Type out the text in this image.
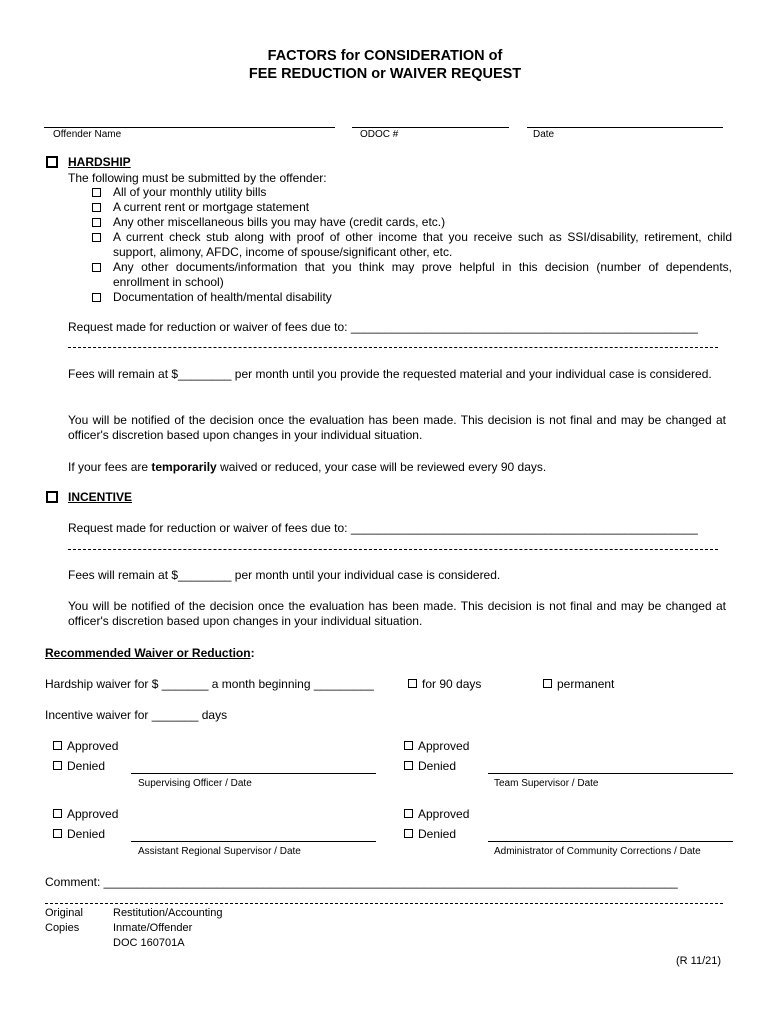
FACTORS for CONSIDERATION of
FEE REDUCTION or WAIVER REQUEST
Offender Name	ODOC #	Date
HARDSHIP
The following must be submitted by the offender:
All of your monthly utility bills
A current rent or mortgage statement
Any other miscellaneous bills you may have (credit cards, etc.)
A current check stub along with proof of other income that you receive such as SSI/disability, retirement, child support, alimony, AFDC, income of spouse/significant other, etc.
Any other documents/information that you think may prove helpful in this decision (number of dependents, enrollment in school)
Documentation of health/mental disability
Request made for reduction or waiver of fees due to: ____________________________________________________
Fees will remain at $________ per month until you provide the requested material and your individual case is considered.
You will be notified of the decision once the evaluation has been made. This decision is not final and may be changed at officer's discretion based upon changes in your individual situation.
If your fees are temporarily waived or reduced, your case will be reviewed every 90 days.
INCENTIVE
Request made for reduction or waiver of fees due to: ____________________________________________________
Fees will remain at $________ per month until your individual case is considered.
You will be notified of the decision once the evaluation has been made. This decision is not final and may be changed at officer's discretion based upon changes in your individual situation.
Recommended Waiver or Reduction:
Hardship waiver for $ _______ a month beginning _________	for 90 days	permanent
Incentive waiver for _______ days
Approved
Denied
Supervising Officer / Date
Approved
Denied
Team Supervisor / Date
Approved
Denied
Assistant Regional Supervisor / Date
Approved
Denied
Administrator of Community Corrections / Date
Comment: ______________________________________________________________________________________
Original	Restitution/Accounting
Copies	Inmate/Offender
DOC 160701A
(R 11/21)
